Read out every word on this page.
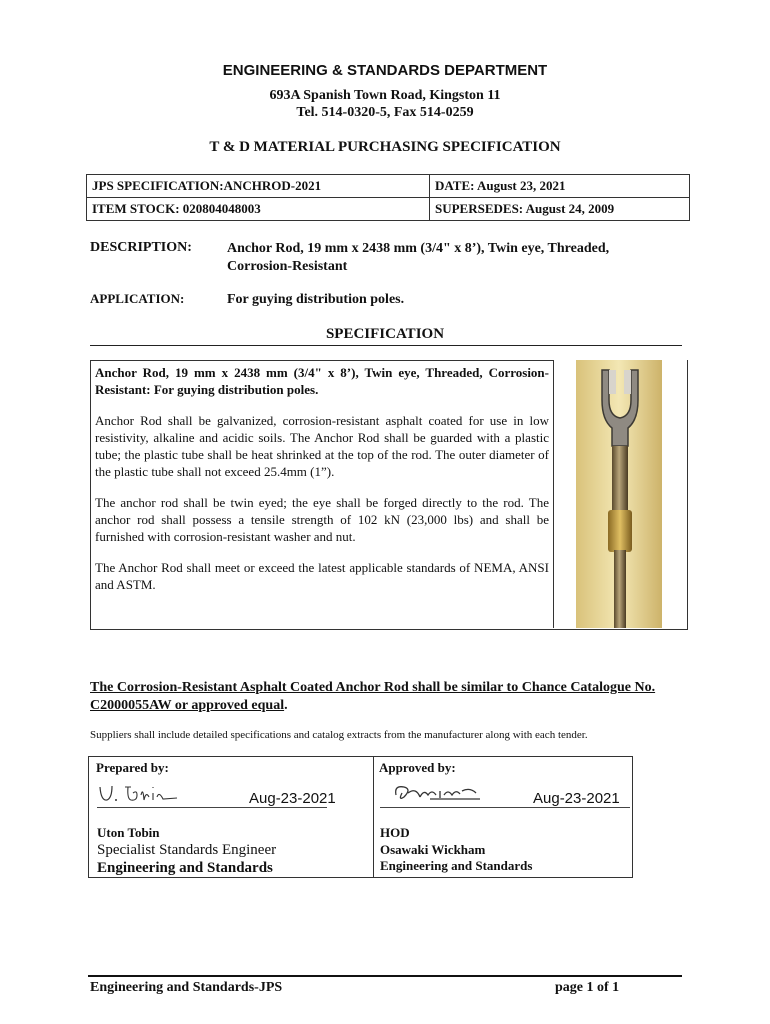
ENGINEERING & STANDARDS DEPARTMENT
693A Spanish Town Road, Kingston 11
Tel. 514-0320-5, Fax 514-0259
T & D MATERIAL PURCHASING SPECIFICATION
JPS SPECIFICATION:ANCHROD-2021	DATE: August 23, 2021
ITEM STOCK: 020804048003	SUPERSEDES: August 24, 2009
DESCRIPTION:	Anchor Rod, 19 mm x 2438 mm (3/4" x 8’), Twin eye, Threaded,
Corrosion-Resistant
APPLICATION:	For guying distribution poles.
SPECIFICATION

Anchor Rod, 19 mm x 2438 mm (3/4" x 8’), Twin eye, Threaded, Corrosion-Resistant: For guying distribution poles.

Anchor Rod shall be galvanized, corrosion-resistant asphalt coated for use in low resistivity, alkaline and acidic soils. The Anchor Rod shall be guarded with a plastic tube; the plastic tube shall be heat shrinked at the top of the rod. The outer diameter of the plastic tube shall not exceed 25.4mm (1”).

The anchor rod shall be twin eyed; the eye shall be forged directly to the rod. The anchor rod shall possess a tensile strength of 102 kN (23,000 lbs) and shall be furnished with corrosion-resistant washer and nut.

The Anchor Rod shall meet or exceed the latest applicable standards of NEMA, ANSI and ASTM.

The Corrosion-Resistant Asphalt Coated Anchor Rod shall be similar to Chance Catalogue No. C2000055AW or approved equal.
Suppliers shall include detailed specifications and catalog extracts from the manufacturer along with each tender.
Prepared by:
Aug-23-2021
Uton Tobin
Specialist Standards Engineer
Engineering and Standards
Approved by:
Aug-23-2021
HOD
Osawaki Wickham
Engineering and Standards
Engineering and Standards-JPS	page 1 of 1
